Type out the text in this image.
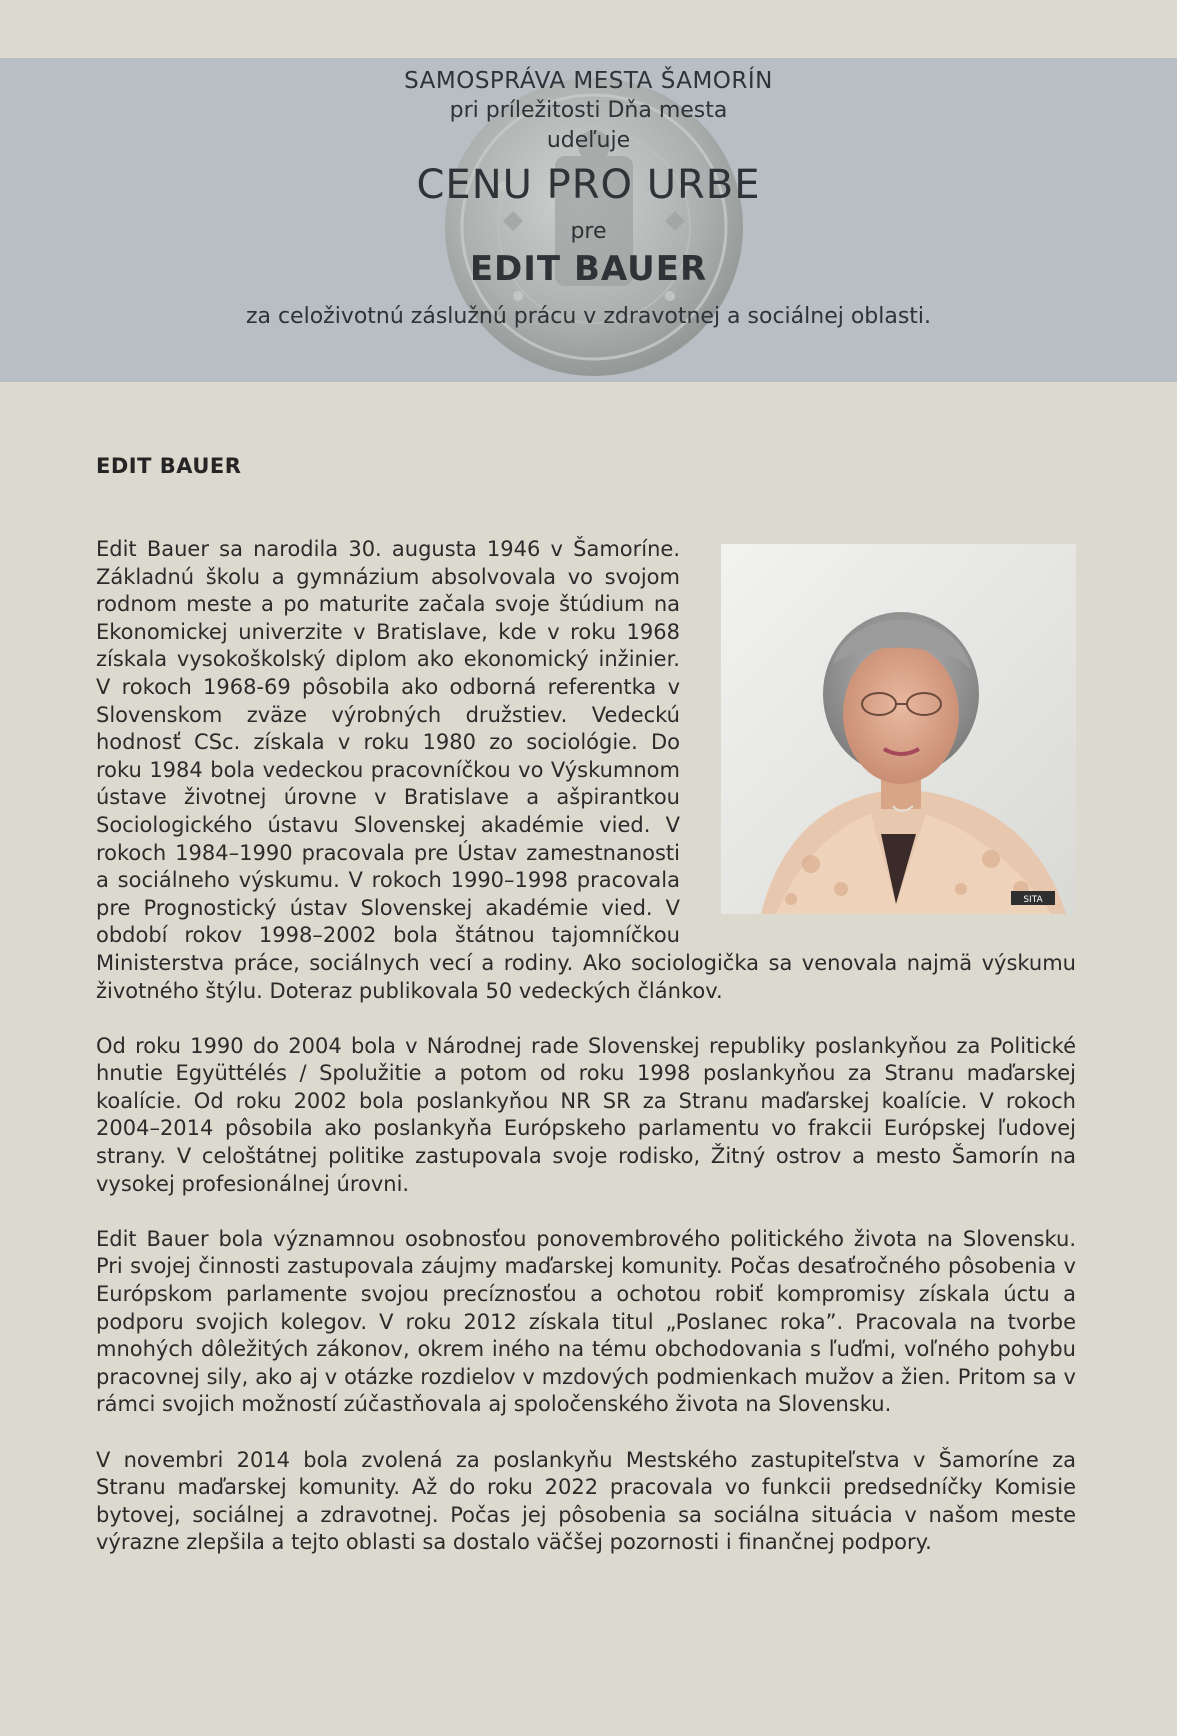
SAMOSPRÁVA MESTA ŠAMORÍN
pri príležitosti Dňa mesta
udeľuje
CENU PRO URBE
pre
EDIT BAUER
za celoživotnú záslužnú prácu v zdravotnej a sociálnej oblasti.
EDIT BAUER
SITA

Edit Bauer sa narodila 30. augusta 1946 v Šamoríne. Základnú školu a gymnázium absolvovala vo svojom rodnom meste a po maturite začala svoje štúdium na Ekonomickej univerzite v Bratislave, kde v roku 1968 získala vysokoškolský diplom ako ekonomický inžinier. V rokoch 1968-69 pôsobila ako odborná referentka v Slovenskom zväze výrobných družstiev. Vedeckú hodnosť CSc. získala v roku 1980 zo sociológie. Do roku 1984 bola vedeckou pracovníčkou vo Výskumnom ústave životnej úrovne v Bratislave a ašpirantkou Sociologického ústavu Slovenskej akadémie vied. V rokoch 1984–1990 pracovala pre Ústav zamestnanosti a sociálneho výskumu. V rokoch 1990–1998 pracovala pre Prognostický ústav Slovenskej akadémie vied. V období rokov 1998–2002 bola štátnou tajomníčkou Ministerstva práce, sociálnych vecí a rodiny. Ako sociologička sa venovala najmä výskumu životného štýlu. Doteraz publikovala 50 vedeckých článkov.

Od roku 1990 do 2004 bola v Národnej rade Slovenskej republiky poslankyňou za Politické hnutie Együttélés / Spolužitie a potom od roku 1998 poslankyňou za Stranu maďarskej koalície. Od roku 2002 bola poslankyňou NR SR za Stranu maďarskej koalície. V rokoch 2004–2014 pôsobila ako poslankyňa Európskeho parlamentu vo frakcii Európskej ľudovej strany. V celoštátnej politike zastupovala svoje rodisko, Žitný ostrov a mesto Šamorín na vysokej profesionálnej úrovni.

Edit Bauer bola významnou osobnosťou ponovembrového politického života na Slovensku. Pri svojej činnosti zastupovala záujmy maďarskej komunity. Počas desaťročného pôsobenia v Európskom parlamente svojou precíznosťou a ochotou robiť kompromisy získala úctu a podporu svojich kolegov. V roku 2012 získala titul „Poslanec roka”. Pracovala na tvorbe mnohých dôležitých zákonov, okrem iného na tému obchodovania s ľuďmi, voľného pohybu pracovnej sily, ako aj v otázke rozdielov v mzdových podmienkach mužov a žien. Pritom sa v rámci svojich možností zúčastňovala aj spoločenského života na Slovensku.

V novembri 2014 bola zvolená za poslankyňu Mestského zastupiteľstva v Šamoríne za Stranu maďarskej komunity. Až do roku 2022 pracovala vo funkcii predsedníčky Komisie bytovej, sociálnej a zdravotnej. Počas jej pôsobenia sa sociálna situácia v našom meste výrazne zlepšila a tejto oblasti sa dostalo väčšej pozornosti i finančnej podpory.
